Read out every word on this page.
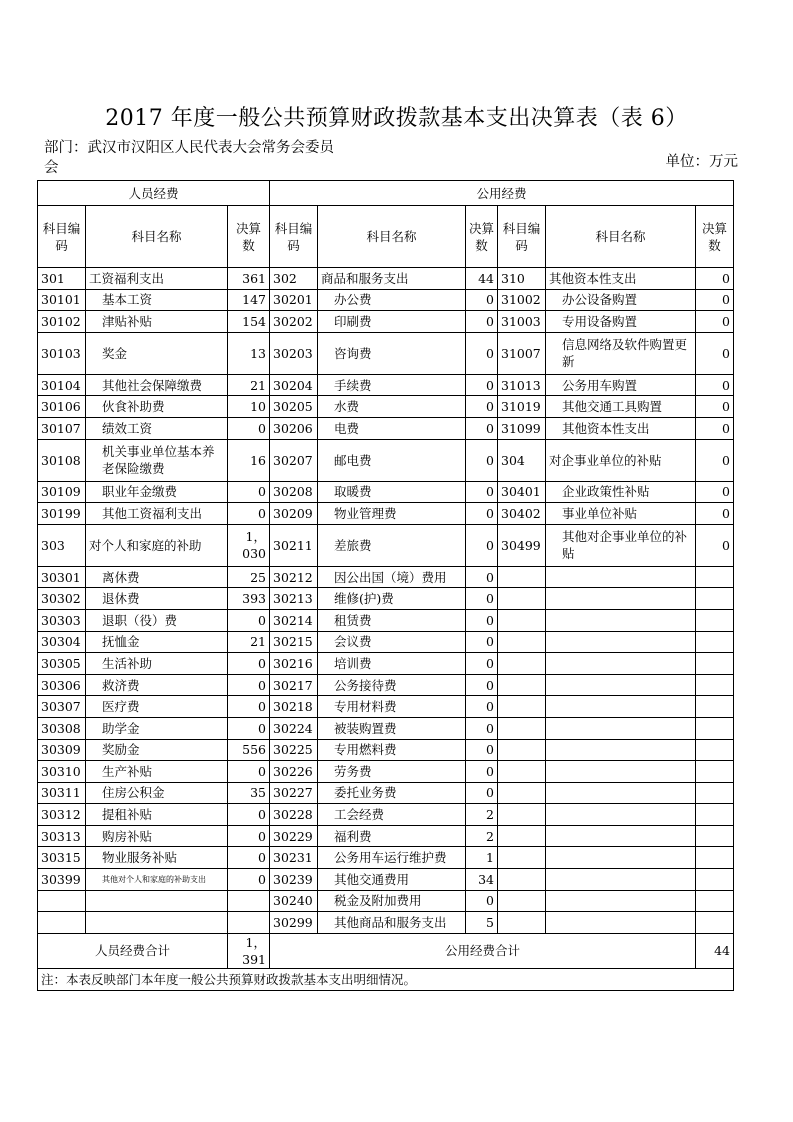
2017 年度一般公共预算财政拨款基本支出决算表（表 6）
部门：武汉市汉阳区人民代表大会常务会委员会	单位：万元
人员经费			公用经费					
科目编码	科目名称	决算数	科目编码	科目名称	决算数	科目编码	科目名称	决算数
301	工资福利支出	361	302	商品和服务支出	44	310	其他资本性支出	0
30101	基本工资	147	30201	办公费	0	31002	办公设备购置	0
30102	津贴补贴	154	30202	印刷费	0	31003	专用设备购置	0
30103	奖金	13	30203	咨询费	0	31007	信息网络及软件购置更新	0
30104	其他社会保障缴费	21	30204	手续费	0	31013	公务用车购置	0
30106	伙食补助费	10	30205	水费	0	31019	其他交通工具购置	0
30107	绩效工资	0	30206	电费	0	31099	其他资本性支出	0
30108	机关事业单位基本养老保险缴费	16	30207	邮电费	0	304	对企事业单位的补贴	0
30109	职业年金缴费	0	30208	取暖费	0	30401	企业政策性补贴	0
30199	其他工资福利支出	0	30209	物业管理费	0	30402	事业单位补贴	0
303	对个人和家庭的补助	1，030	30211	差旅费	0	30499	其他对企事业单位的补贴	0
30301	离休费	25	30212	因公出国（境）费用	0			
30302	退休费	393	30213	维修(护)费	0			
30303	退职（役）费	0	30214	租赁费	0			
30304	抚恤金	21	30215	会议费	0			
30305	生活补助	0	30216	培训费	0			
30306	救济费	0	30217	公务接待费	0			
30307	医疗费	0	30218	专用材料费	0			
30308	助学金	0	30224	被装购置费	0			
30309	奖励金	556	30225	专用燃料费	0			
30310	生产补贴	0	30226	劳务费	0			
30311	住房公积金	35	30227	委托业务费	0			
30312	提租补贴	0	30228	工会经费	2			
30313	购房补贴	0	30229	福利费	2			
30315	物业服务补贴	0	30231	公务用车运行维护费	1			
30399	其他对个人和家庭的补助支出	0	30239	其他交通费用	34			
			30240	税金及附加费用	0			
			30299	其他商品和服务支出	5			
人员经费合计		1，391	公用经费合计					44
注：本表反映部门本年度一般公共预算财政拨款基本支出明细情况。								
